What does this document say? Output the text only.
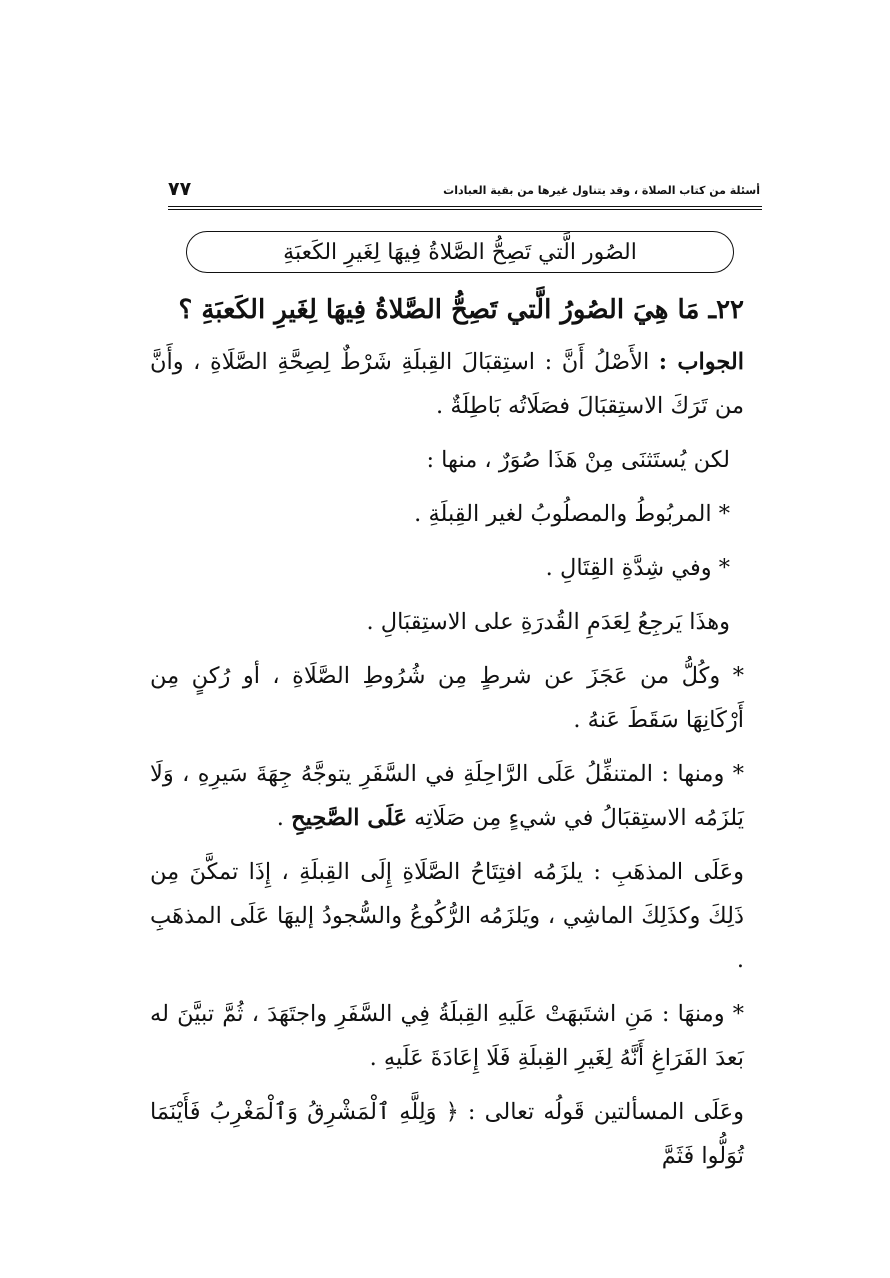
أسئلة من كتاب الصلاة ، وقد يتناول غيرها من بقية العبادات
٧٧
الصُور الَّتي تَصِحُّ الصَّلاةُ فِيهَا لِغَيرِ الكَعبَةِ
٢٢ـ مَا هِيَ الصُورُ الَّتي تَصِحُّ الصَّلاةُ فِيهَا لِغَيرِ الكَعبَةِ ؟

الجواب : الأَصْلُ أَنَّ : استِقبَالَ القِبلَةِ شَرْطٌ لِصِحَّةِ الصَّلَاةِ ، وأَنَّ من تَرَكَ الاستِقبَالَ فصَلَاتُه بَاطِلَةٌ .

لكن يُستَثنَى مِنْ هَذَا صُوَرٌ ، منها :

* المربُوطُ والمصلُوبُ لغير القِبلَةِ .

* وفي شِدَّةِ القِتَالِ .

وهذَا يَرجِعُ لِعَدَمِ القُدرَةِ على الاستِقبَالِ .

* وكُلُّ من عَجَزَ عن شرطٍ مِن شُرُوطِ الصَّلَاةِ ، أو رُكنٍ مِن أَرْكَانِهَا سَقَطَ عَنهُ .

* ومنها : المتنفِّلُ عَلَى الرَّاحِلَةِ في السَّفَرِ يتوجَّهُ جِهَةَ سَيرِهِ ، وَلَا يَلزَمُه الاستِقبَالُ في شيءٍ مِن صَلَاتِه عَلَى الصَّحِيحِ .

وعَلَى المذهَبِ : يلزَمُه افتِتَاحُ الصَّلَاةِ إِلَى القِبلَةِ ، إِذَا تمكَّنَ مِن ذَلِكَ وكذَلِكَ الماشِي ، ويَلزَمُه الرُّكُوعُ والسُّجودُ إليهَا عَلَى المذهَبِ .

* ومنهَا : مَنِ اشتَبهَتْ عَلَيهِ القِبلَةُ فِي السَّفَرِ واجتَهَدَ ، ثُمَّ تبيَّنَ له بَعدَ الفَرَاغِ أَنَّهُ لِغَيرِ القِبلَةِ فَلَا إِعَادَةَ عَلَيهِ .

وعَلَى المسألتين قَولُه تعالى : ﴿ وَلِلَّهِ ٱلْمَشْرِقُ وَٱلْمَغْرِبُ فَأَيْنَمَا تُوَلُّوا فَثَمَّ
